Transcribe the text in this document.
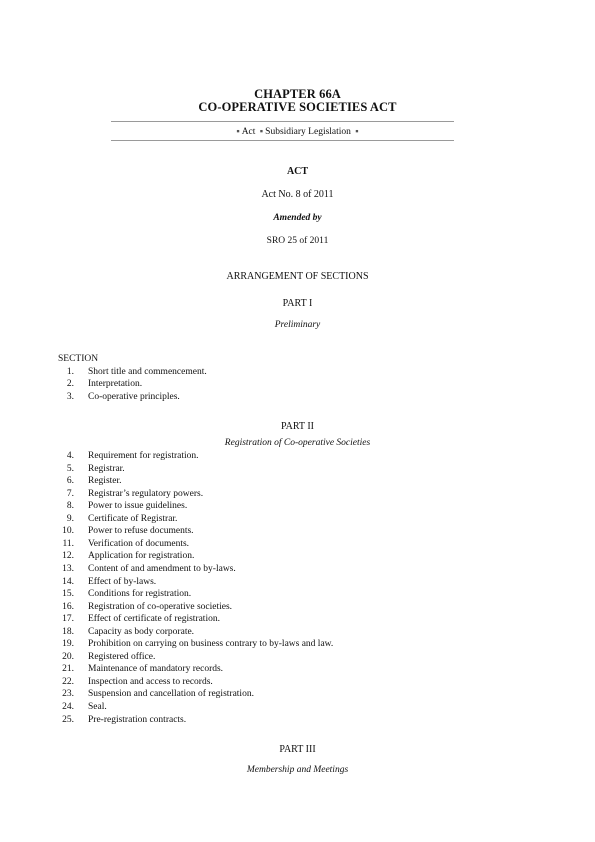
CHAPTER 66A
CO-OPERATIVE SOCIETIES ACT
▪ Act ▪ Subsidiary Legislation ▪
ACT
Act No. 8 of 2011
Amended by
SRO 25 of 2011
ARRANGEMENT OF SECTIONS
PART I
Preliminary
SECTION
1. Short title and commencement.
2. Interpretation.
3. Co-operative principles.
PART II
Registration of Co-operative Societies
4. Requirement for registration.
5. Registrar.
6. Register.
7. Registrar’s regulatory powers.
8. Power to issue guidelines.
9. Certificate of Registrar.
10. Power to refuse documents.
11. Verification of documents.
12. Application for registration.
13. Content of and amendment to by-laws.
14. Effect of by-laws.
15. Conditions for registration.
16. Registration of co-operative societies.
17. Effect of certificate of registration.
18. Capacity as body corporate.
19. Prohibition on carrying on business contrary to by-laws and law.
20. Registered office.
21. Maintenance of mandatory records.
22. Inspection and access to records.
23. Suspension and cancellation of registration.
24. Seal.
25. Pre-registration contracts.
PART III
Membership and Meetings
